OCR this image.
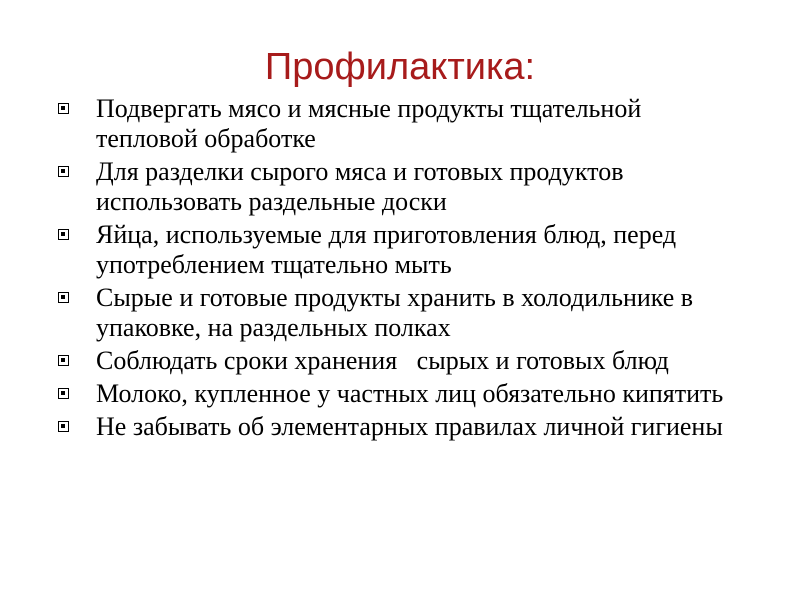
Профилактика:
Подвергать мясо и мясные продукты тщательной тепловой обработке
Для разделки сырого мяса и готовых продуктов использовать раздельные доски
Яйца, используемые для приготовления блюд, перед употреблением тщательно мыть
Сырые и готовые продукты хранить в холодильнике в упаковке, на раздельных полках
Соблюдать сроки хранения   сырых и готовых блюд
Молоко, купленное у частных лиц обязательно кипятить
Не забывать об элементарных правилах личной гигиены
